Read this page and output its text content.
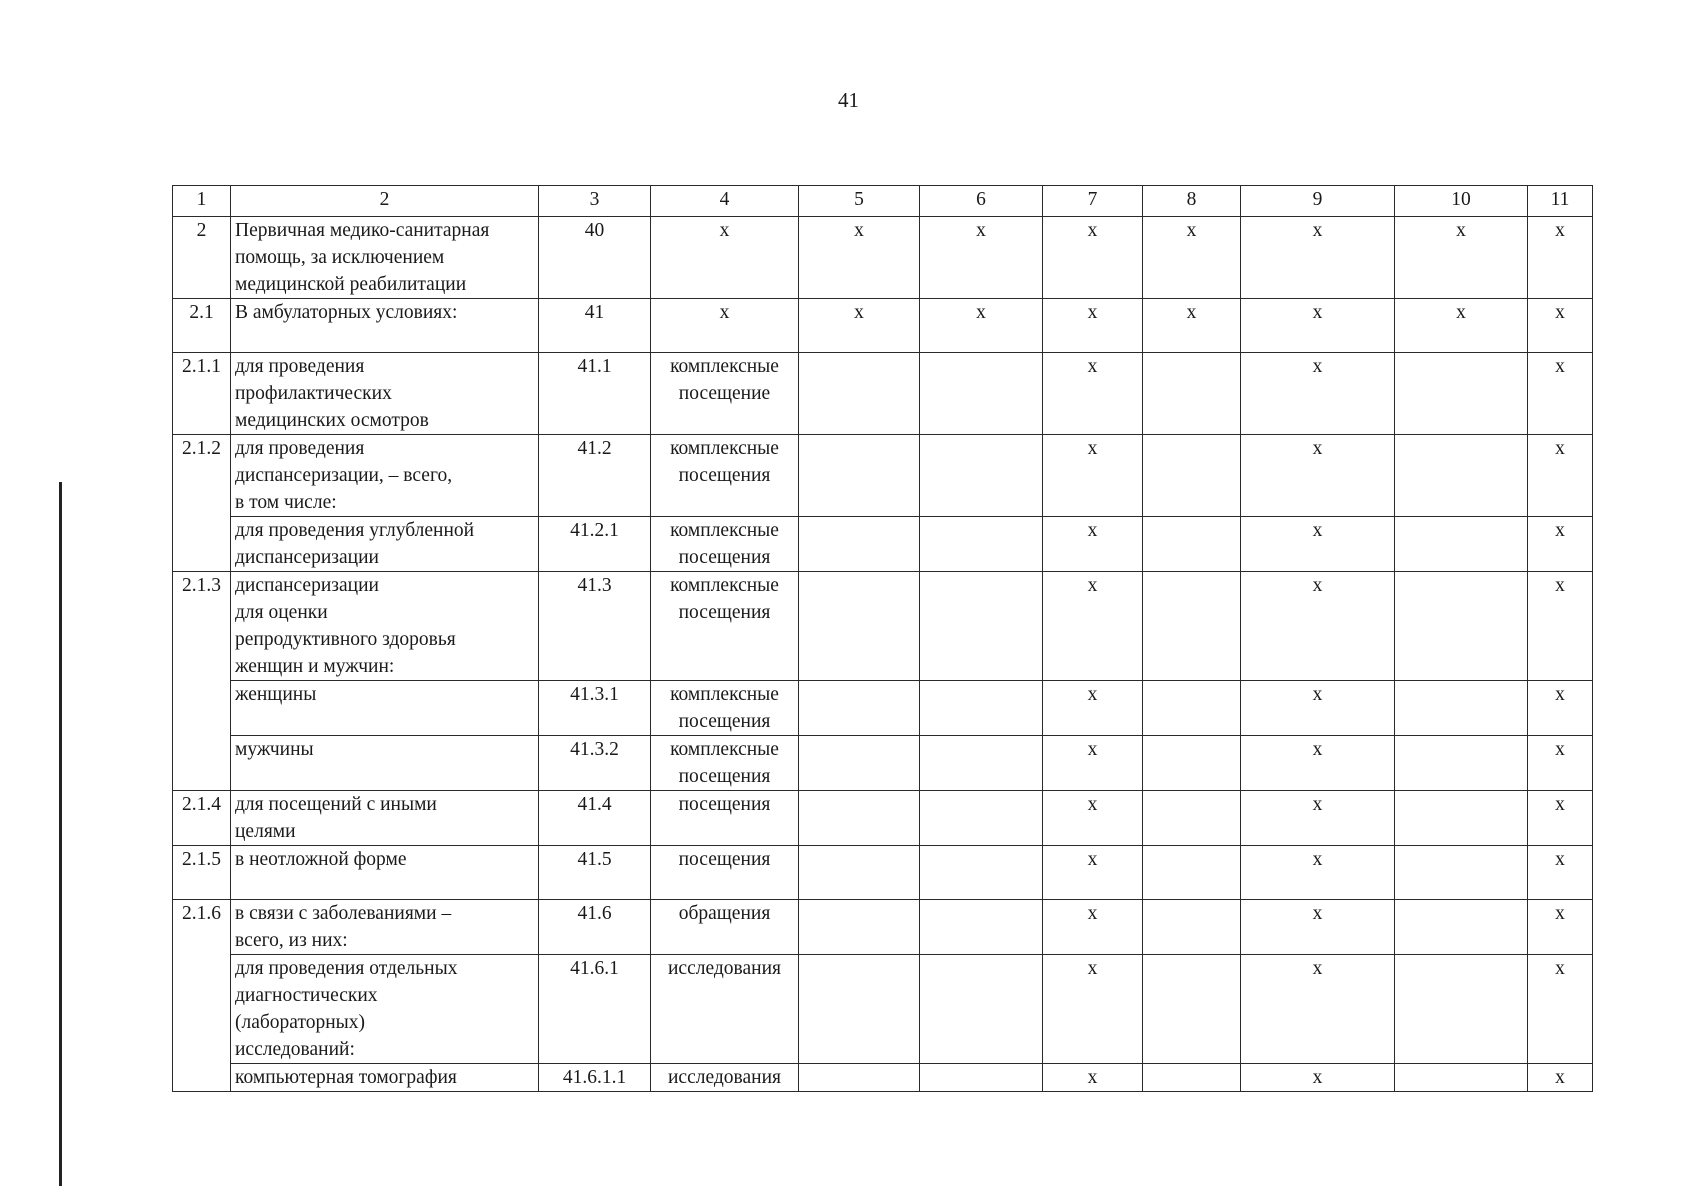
41
1	2	3	4	5	6	7	8	9	10	11
2	Первичная медико-санитарная
помощь, за исключением
медицинской реабилитации	40	x	x	x	x	x	x	x	x
2.1	В амбулаторных условиях:	41	x	x	x	x	x	x	x	x
2.1.1	для проведения
профилактических
медицинских осмотров	41.1	комплексные
посещение			x		x		x
2.1.2	для проведения
диспансеризации, – всего,
в том числе:	41.2	комплексные
посещения			x		x		x
	для проведения углубленной
диспансеризации	41.2.1	комплексные
посещения			x		x		x
2.1.3	диспансеризации
для оценки
репродуктивного здоровья
женщин и мужчин:	41.3	комплексные
посещения			x		x		x
	женщины	41.3.1	комплексные
посещения			x		x		x
	мужчины	41.3.2	комплексные
посещения			x		x		x
2.1.4	для посещений с иными
целями	41.4	посещения			x		x		x
2.1.5	в неотложной форме	41.5	посещения			x		x		x
2.1.6	в связи с заболеваниями –
всего, из них:	41.6	обращения			x		x		x
	для проведения отдельных
диагностических
(лабораторных)
исследований:	41.6.1	исследования			x		x		x
	компьютерная томография	41.6.1.1	исследования			x		x		x
